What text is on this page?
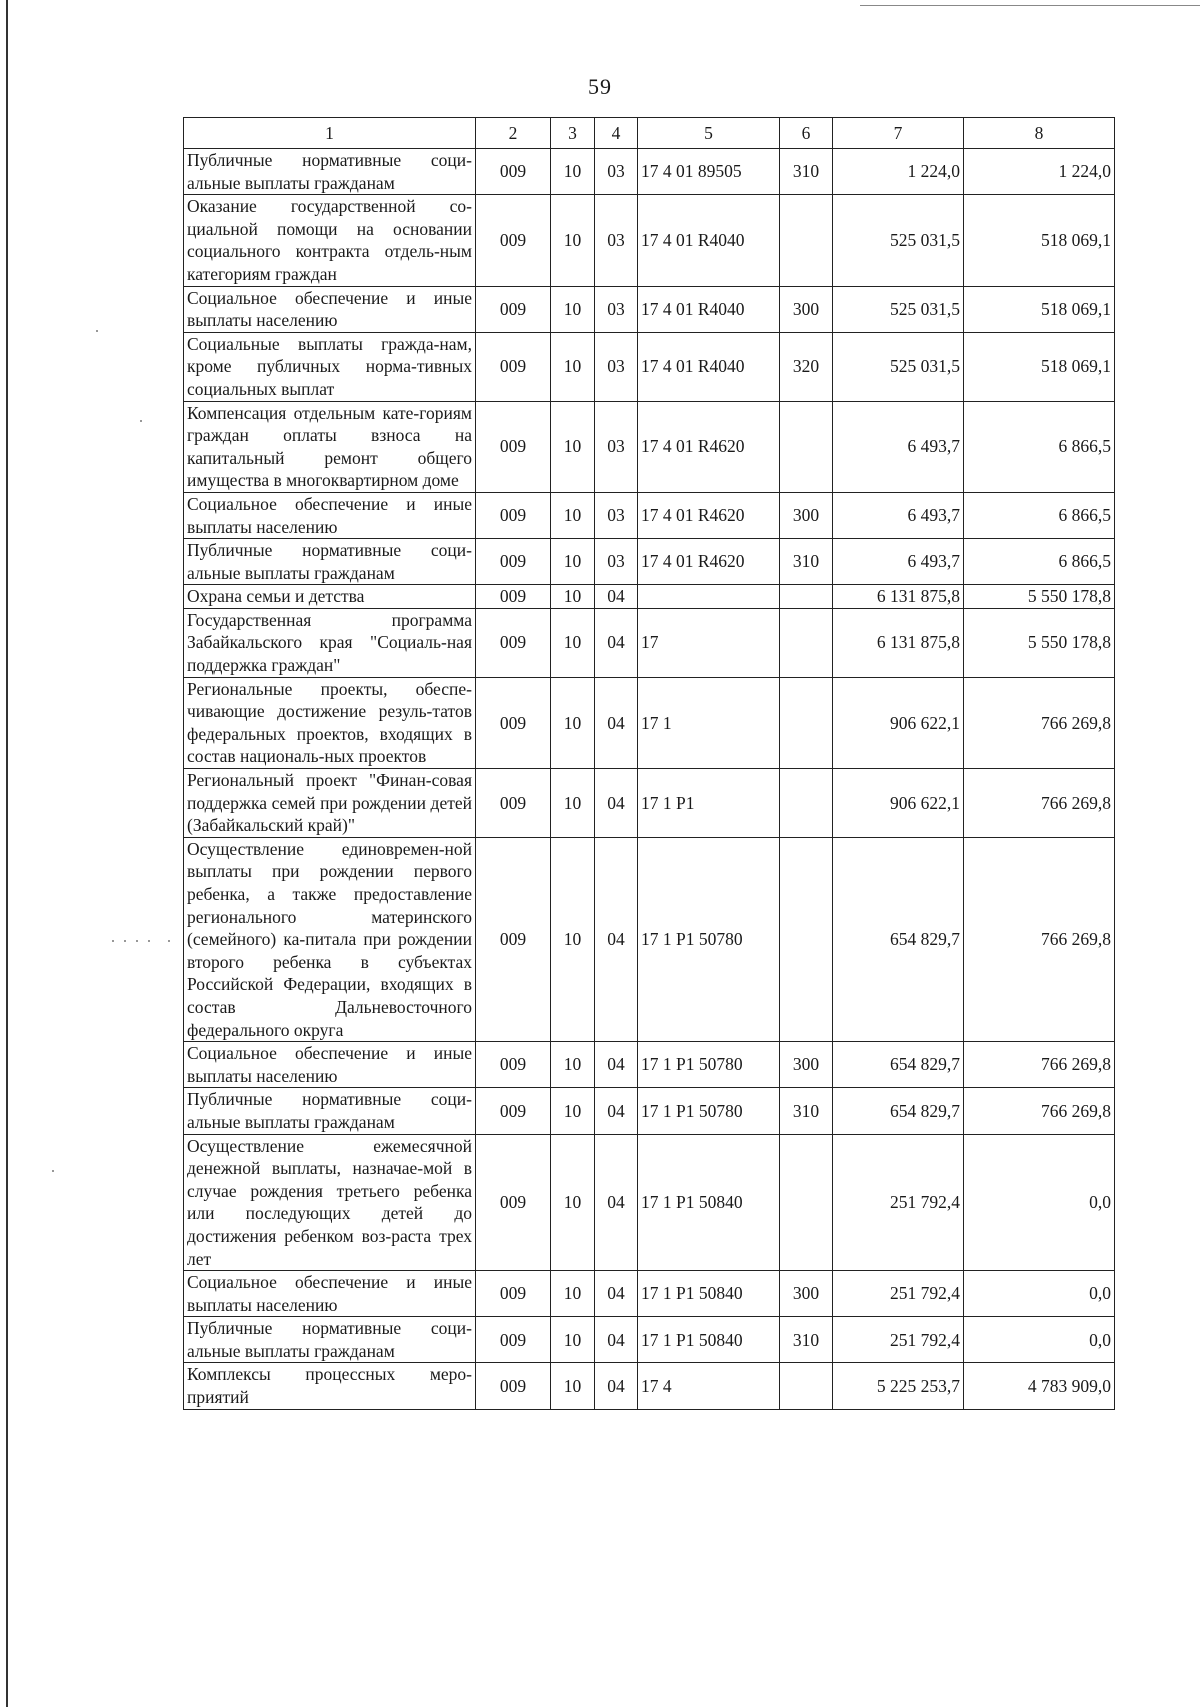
59
1	2	3	4	5	6	7	8
Публичные нормативные соци-альные выплаты гражданам	009	10	03	17 4 01 89505	310	1 224,0	1 224,0
Оказание государственной со-циальной помощи на основании социального контракта отдель-ным категориям граждан	009	10	03	17 4 01 R4040		525 031,5	518 069,1
Социальное обеспечение и иные выплаты населению	009	10	03	17 4 01 R4040	300	525 031,5	518 069,1
Социальные выплаты гражда-нам, кроме публичных норма-тивных социальных выплат	009	10	03	17 4 01 R4040	320	525 031,5	518 069,1
Компенсация отдельным кате-гориям граждан оплаты взноса на капитальный ремонт общего имущества в многоквартирном доме	009	10	03	17 4 01 R4620		6 493,7	6 866,5
Социальное обеспечение и иные выплаты населению	009	10	03	17 4 01 R4620	300	6 493,7	6 866,5
Публичные нормативные соци-альные выплаты гражданам	009	10	03	17 4 01 R4620	310	6 493,7	6 866,5
Охрана семьи и детства	009	10	04			6 131 875,8	5 550 178,8
Государственная программа Забайкальского края "Социаль-ная поддержка граждан"	009	10	04	17		6 131 875,8	5 550 178,8
Региональные проекты, обеспе-чивающие достижение резуль-татов федеральных проектов, входящих в состав националь-ных проектов	009	10	04	17 1		906 622,1	766 269,8
Региональный проект "Финан-совая поддержка семей при рождении детей (Забайкальский край)"	009	10	04	17 1 P1		906 622,1	766 269,8
Осуществление единовремен-ной выплаты при рождении первого ребенка, а также предоставление регионального материнского (семейного) ка-питала при рождении второго ребенка в субъектах Российской Федерации, входящих в состав Дальневосточного федерального округа	009	10	04	17 1 P1 50780		654 829,7	766 269,8
Социальное обеспечение и иные выплаты населению	009	10	04	17 1 P1 50780	300	654 829,7	766 269,8
Публичные нормативные соци-альные выплаты гражданам	009	10	04	17 1 P1 50780	310	654 829,7	766 269,8
Осуществление ежемесячной денежной выплаты, назначае-мой в случае рождения третьего ребенка или последующих детей до достижения ребенком воз-раста трех лет	009	10	04	17 1 P1 50840		251 792,4	0,0
Социальное обеспечение и иные выплаты населению	009	10	04	17 1 P1 50840	300	251 792,4	0,0
Публичные нормативные соци-альные выплаты гражданам	009	10	04	17 1 P1 50840	310	251 792,4	0,0
Комплексы процессных меро-приятий	009	10	04	17 4		5 225 253,7	4 783 909,0
